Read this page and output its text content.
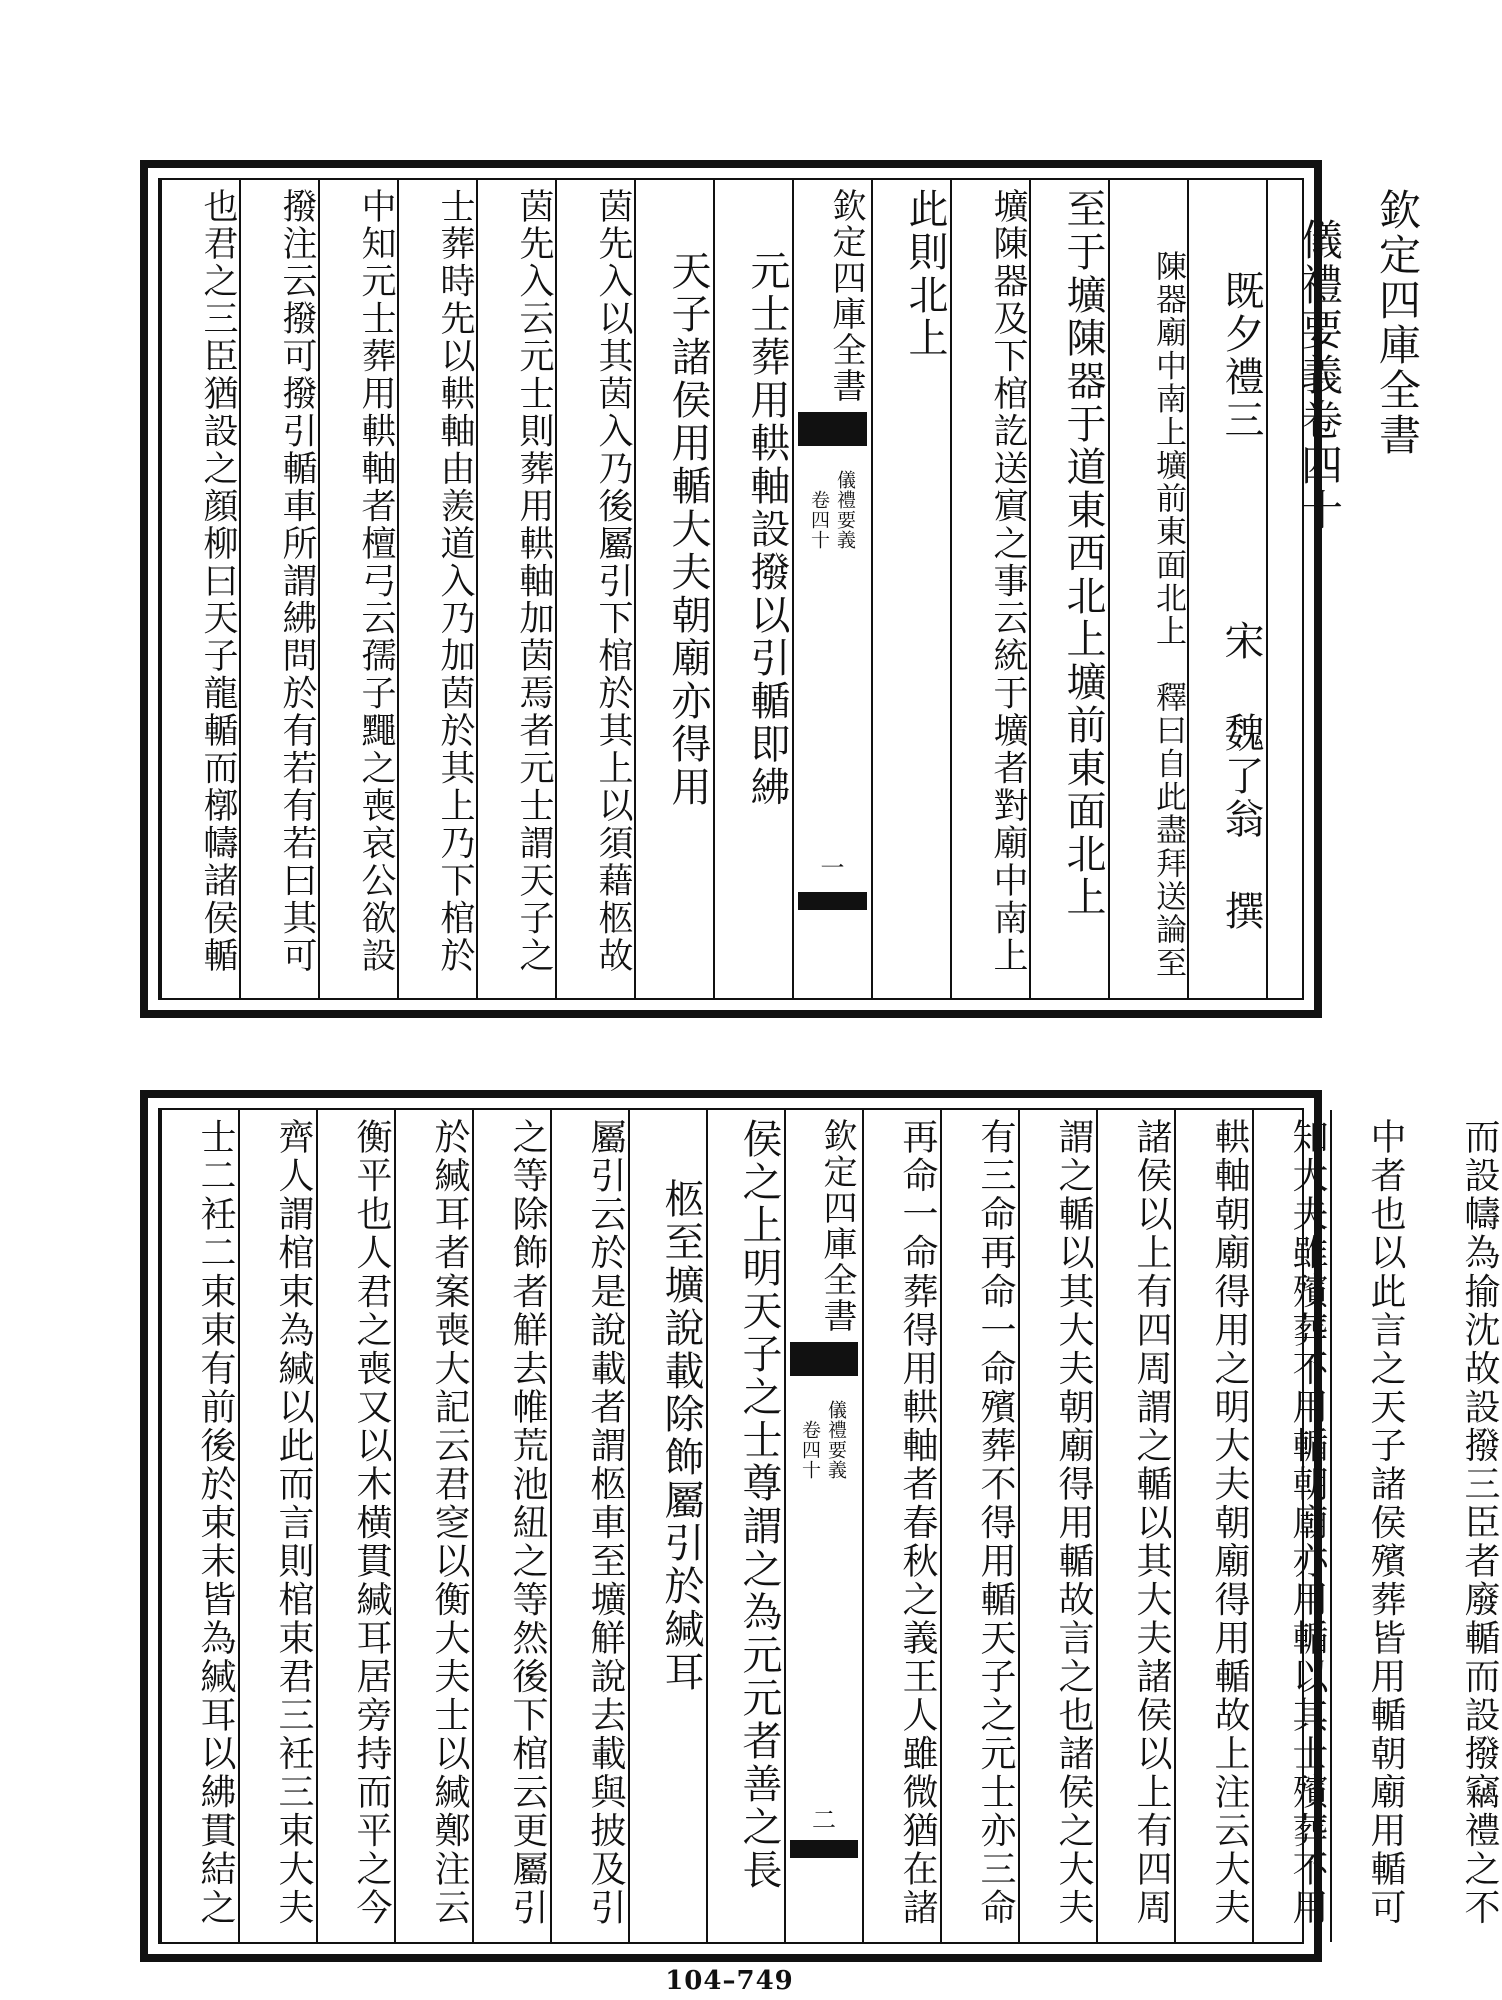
也君之三臣猶設之顔柳曰天子龍輴而槨幬諸侯輴	撥注云撥可撥引輴車所謂紼問於有若有若曰其可	中知元士葬用輁軸者檀弓云孺子䵴之喪哀公欲設	士葬時先以輁軸由羨道入乃加茵於其上乃下棺於	茵先入云元士則葬用輁軸加茵焉者元士謂天子之	茵先入以其茵入乃後屬引下棺於其上以須藉柩故 天子諸侯用輴大夫朝廟亦得用 元士葬用輁軸設撥以引輴即紼	欽定四庫全書
儀禮要義
卷四十
一
此則北上	壙陳器及下棺訖送賔之事云統于壙者對廟中南上 至于壙陳器于道東西北上壙前東面北上	陳器廟中南上壙前東面北上　釋曰自此盡拜送論至 既夕禮三
宋 魏了翁 撰
儀禮要義卷四十 欽定四庫全書
士二衽二束束有前後於束末皆為緘耳以紼貫結之	齊人謂棺束為緘以此而言則棺束君三衽三束大夫	衡平也人君之喪又以木横貫緘耳居旁持而平之今	於緘耳者案喪大記云君窆以衡大夫士以緘鄭注云	之等除飾者觧去帷荒池紐之等然後下棺云更屬引	屬引云於是說載者謂柩車至壙觧說去載與披及引 柩至壙說載除飾屬引於緘耳 侯之上明天子之士尊謂之為元元者善之長	欽定四庫全書
儀禮要義
卷四十
二	再命一命葬得用輁軸者春秋之義王人雖微猶在諸	有三命再命一命殯葬不得用輴天子之元士亦三命	謂之輴以其大夫朝廟得用輴故言之也諸侯之大夫	諸侯以上有四周謂之輴以其大夫諸侯以上有四周	輁軸朝廟得用之明大夫朝廟得用輴故上注云大夫	知大夫雖殯葬不用輴朝廟亦用輴以其士殯葬不用	中者也以此言之天子諸侯殯葬皆用輴朝廟用輴可	而設幬為揄沈故設撥三臣者廢輴而設撥竊禮之不
104–749
